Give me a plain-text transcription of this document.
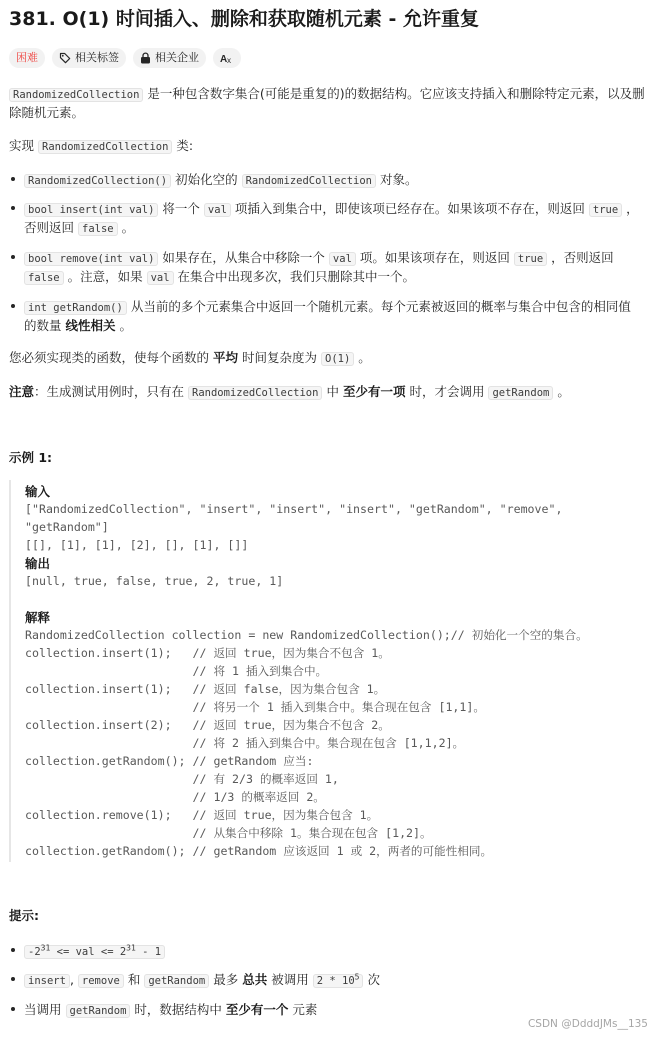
381. O(1) 时间插入、删除和获取随机元素 - 允许重复
困难	相关标签	相关企业 A x

RandomizedCollection 是一种包含数字集合(可能是重复的)的数据结构。它应该支持插入和删除特定元素，以及删除随机元素。

实现 RandomizedCollection 类:

RandomizedCollection() 初始化空的 RandomizedCollection 对象。
bool insert(int val) 将一个 val 项插入到集合中，即使该项已经存在。如果该项不存在，则返回 true ，
否则返回 false 。
bool remove(int val) 如果存在，从集合中移除一个 val 项。如果该项存在，则返回 true ，否则返回
false 。注意，如果 val 在集合中出现多次，我们只删除其中一个。
int getRandom() 从当前的多个元素集合中返回一个随机元素。每个元素被返回的概率与集合中包含的相同值
的数量 线性相关 。

您必须实现类的函数，使每个函数的 平均 时间复杂度为 O(1) 。

注意：生成测试用例时，只有在 RandomizedCollection 中 至少有一项 时，才会调用 getRandom 。

示例 1:
输入
["RandomizedCollection", "insert", "insert", "insert", "getRandom", "remove",
"getRandom"]
[[], [1], [1], [2], [], [1], []]
输出
[null, true, false, true, 2, true, 1]
解释
RandomizedCollection collection = new RandomizedCollection();// 初始化一个空的集合。
collection.insert(1);   // 返回 true，因为集合不包含 1。
// 将 1 插入到集合中。
collection.insert(1);   // 返回 false，因为集合包含 1。
// 将另一个 1 插入到集合中。集合现在包含 [1,1]。
collection.insert(2);   // 返回 true，因为集合不包含 2。
// 将 2 插入到集合中。集合现在包含 [1,1,2]。
collection.getRandom(); // getRandom 应当:
// 有 2/3 的概率返回 1,
// 1/3 的概率返回 2。
collection.remove(1);   // 返回 true，因为集合包含 1。
// 从集合中移除 1。集合现在包含 [1,2]。
collection.getRandom(); // getRandom 应该返回 1 或 2，两者的可能性相同。
提示:
$-2^{31}$ <= val <= $2^{31} - 1$
insert , remove 和 getRandom 最多 总共 被调用 $2 * 10^5$ 次
当调用 getRandom 时，数据结构中 至少有一个 元素
CSDN @DdddJMs__135
